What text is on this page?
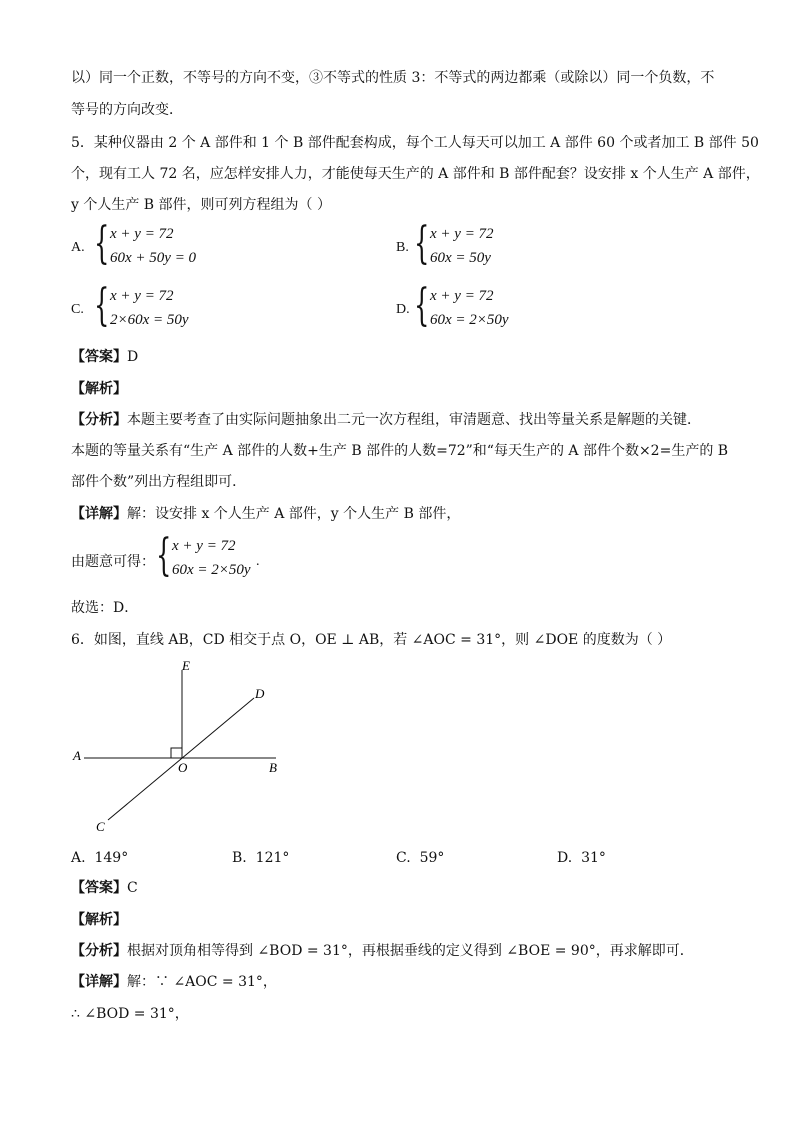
以）同一个正数，不等号的方向不变，③不等式的性质 3：不等式的两边都乘（或除以）同一个负数，不
等号的方向改变．
5．某种仪器由 2 个 A 部件和 1 个 B 部件配套构成，每个工人每天可以加工 A 部件 60 个或者加工 B 部件 50
个，现有工人 72 名，应怎样安排人力，才能使每天生产的 A 部件和 B 部件配套？设安排 x 个人生产 A 部件，
y 个人生产 B 部件，则可列方程组为（ ）
A. { x + y = 72
60x + 50y = 0
B. { x + y = 72
60x = 50y
C. { x + y = 72
2×60x = 50y
D. { x + y = 72
60x = 2×50y
【答案】D
【解析】
【分析】本题主要考查了由实际问题抽象出二元一次方程组，审清题意、找出等量关系是解题的关键．
本题的等量关系有“生产 A 部件的人数+生产 B 部件的人数=72”和“每天生产的 A 部件个数×2=生产的 B
部件个数”列出方程组即可．
【详解】解：设安排 x 个人生产 A 部件，y 个人生产 B 部件，
由题意可得： { x + y = 72
60x = 2×50y
.
故选：D．
6．如图，直线 AB，CD 相交于点 O，OE ⊥ AB，若 ∠AOC = 31°，则 ∠DOE 的度数为（ ）
E
D
A
O	B
C
A. 149°	B. 121°	C. 59°	D. 31°
【答案】C
【解析】
【分析】根据对顶角相等得到 ∠BOD = 31°，再根据垂线的定义得到 ∠BOE = 90°，再求解即可．
【详解】解：∵ ∠AOC = 31°，
∴ ∠BOD = 31°，
